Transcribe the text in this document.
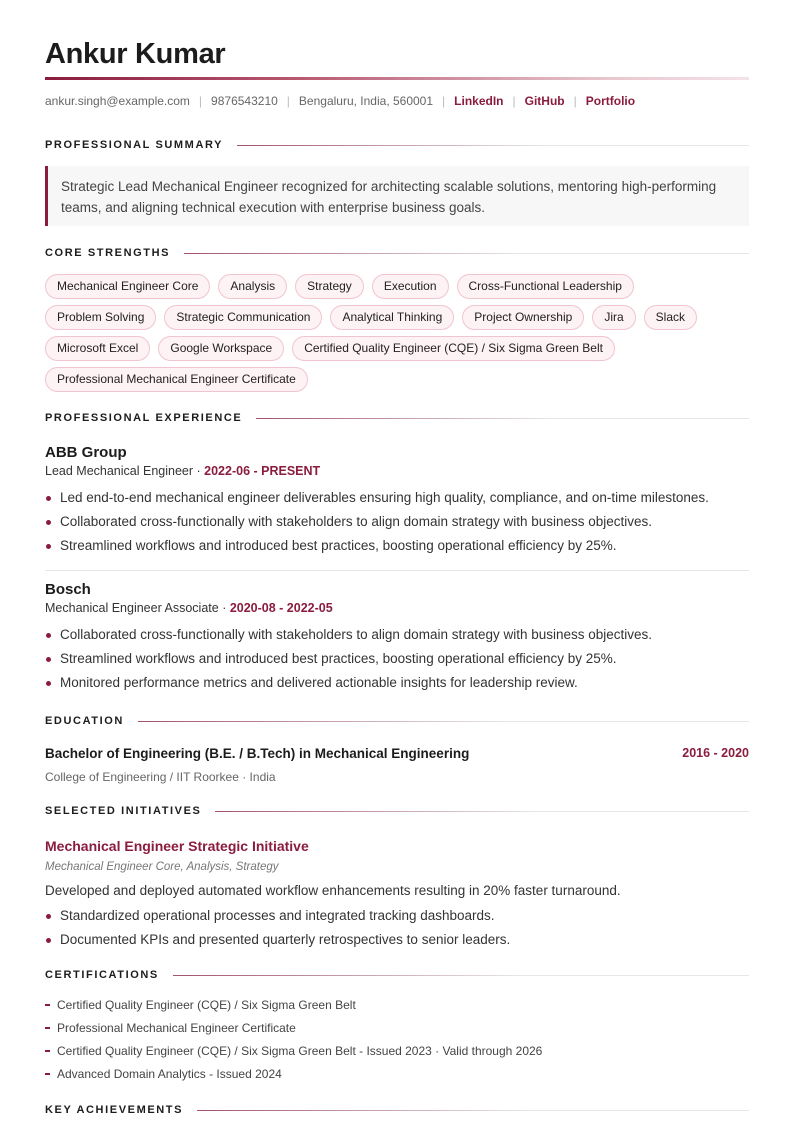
Ankur Kumar
ankur.singh@example.com | 9876543210 | Bengaluru, India, 560001 | LinkedIn | GitHub | Portfolio
PROFESSIONAL SUMMARY
Strategic Lead Mechanical Engineer recognized for architecting scalable solutions, mentoring high-performing teams, and aligning technical execution with enterprise business goals.
CORE STRENGTHS
Mechanical Engineer Core	Analysis	Strategy	Execution	Cross-Functional Leadership
Problem Solving	Strategic Communication	Analytical Thinking	Project Ownership	Jira	Slack
Microsoft Excel	Google Workspace	Certified Quality Engineer (CQE) / Six Sigma Green Belt
Professional Mechanical Engineer Certificate
PROFESSIONAL EXPERIENCE
ABB Group
Lead Mechanical Engineer · 2022-06 - PRESENT
Led end-to-end mechanical engineer deliverables ensuring high quality, compliance, and on-time milestones.
Collaborated cross-functionally with stakeholders to align domain strategy with business objectives.
Streamlined workflows and introduced best practices, boosting operational efficiency by 25%.
Bosch
Mechanical Engineer Associate · 2020-08 - 2022-05
Collaborated cross-functionally with stakeholders to align domain strategy with business objectives.
Streamlined workflows and introduced best practices, boosting operational efficiency by 25%.
Monitored performance metrics and delivered actionable insights for leadership review.
EDUCATION
Bachelor of Engineering (B.E. / B.Tech) in Mechanical Engineering	2016 - 2020
College of Engineering / IIT Roorkee · India
SELECTED INITIATIVES
Mechanical Engineer Strategic Initiative
Mechanical Engineer Core, Analysis, Strategy
Developed and deployed automated workflow enhancements resulting in 20% faster turnaround.
Standardized operational processes and integrated tracking dashboards.
Documented KPIs and presented quarterly retrospectives to senior leaders.
CERTIFICATIONS
Certified Quality Engineer (CQE) / Six Sigma Green Belt
Professional Mechanical Engineer Certificate
Certified Quality Engineer (CQE) / Six Sigma Green Belt - Issued 2023 · Valid through 2026
Advanced Domain Analytics - Issued 2024
KEY ACHIEVEMENTS
